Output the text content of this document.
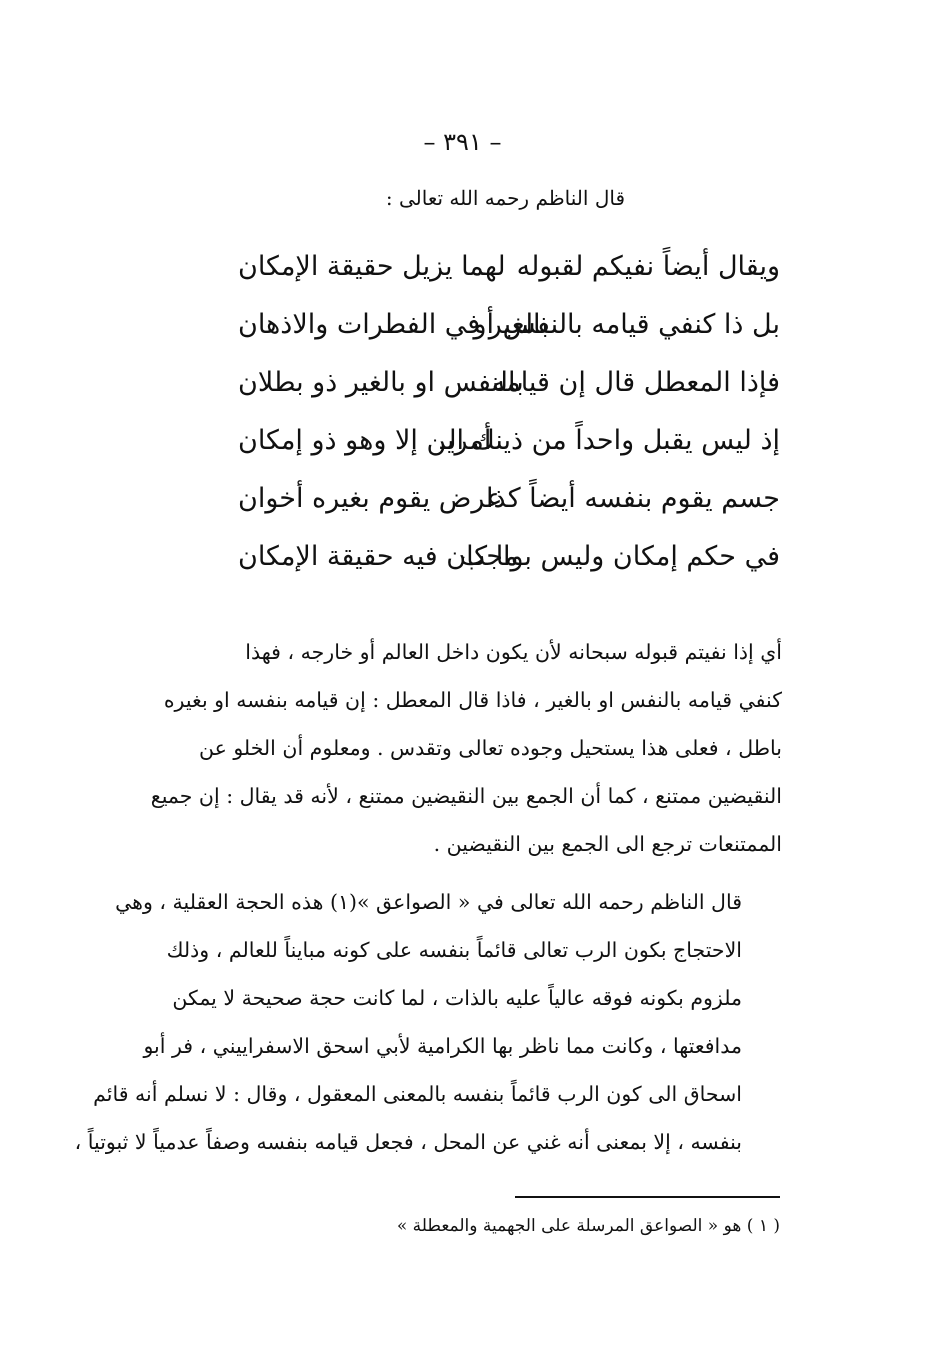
– ٣٩١ –
قال الناظم رحمه الله تعالى :
ويقال أيضاً نفيكم لقبوله
لهما يزيل حقيقة الإمكان
بل ذا كنفي قيامه بالنفس أو
بالغير في الفطرات والاذهان
فإذا المعطل قال إن قيامه
بالنفس او بالغير ذو بطلان
إذ ليس يقبل واحداً من ذينك الـ
أمرين إلا وهو ذو إمكان
جسم يقوم بنفسه أيضاً كذا
عرض يقوم بغيره أخوان
في حكم إمكان وليس بواجب
ما كان فيه حقيقة الإمكان
أي إذا نفيتم قبوله سبحانه لأن يكون داخل العالم أو خارجه ، فهذا
كنفي قيامه بالنفس او بالغير ، فاذا قال المعطل : إن قيامه بنفسه او بغيره
باطل ، فعلى هذا يستحيل وجوده تعالى وتقدس . ومعلوم أن الخلو عن
النقيضين ممتنع ، كما أن الجمع بين النقيضين ممتنع ، لأنه قد يقال : إن جميع
الممتنعات ترجع الى الجمع بين النقيضين .
قال الناظم رحمه الله تعالى في « الصواعق »(١) هذه الحجة العقلية ، وهي
الاحتجاج بكون الرب تعالى قائماً بنفسه على كونه مبايناً للعالم ، وذلك
ملزوم بكونه فوقه عالياً عليه بالذات ، لما كانت حجة صحيحة لا يمكن
مدافعتها ، وكانت مما ناظر بها الكرامية لأبي اسحق الاسفراييني ، فر أبو
اسحاق الى كون الرب قائماً بنفسه بالمعنى المعقول ، وقال : لا نسلم أنه قائم
بنفسه ، إلا بمعنى أنه غني عن المحل ، فجعل قيامه بنفسه وصفاً عدمياً لا ثبوتياً ،
( ١ ) هو « الصواعق المرسلة على الجهمية والمعطلة »
